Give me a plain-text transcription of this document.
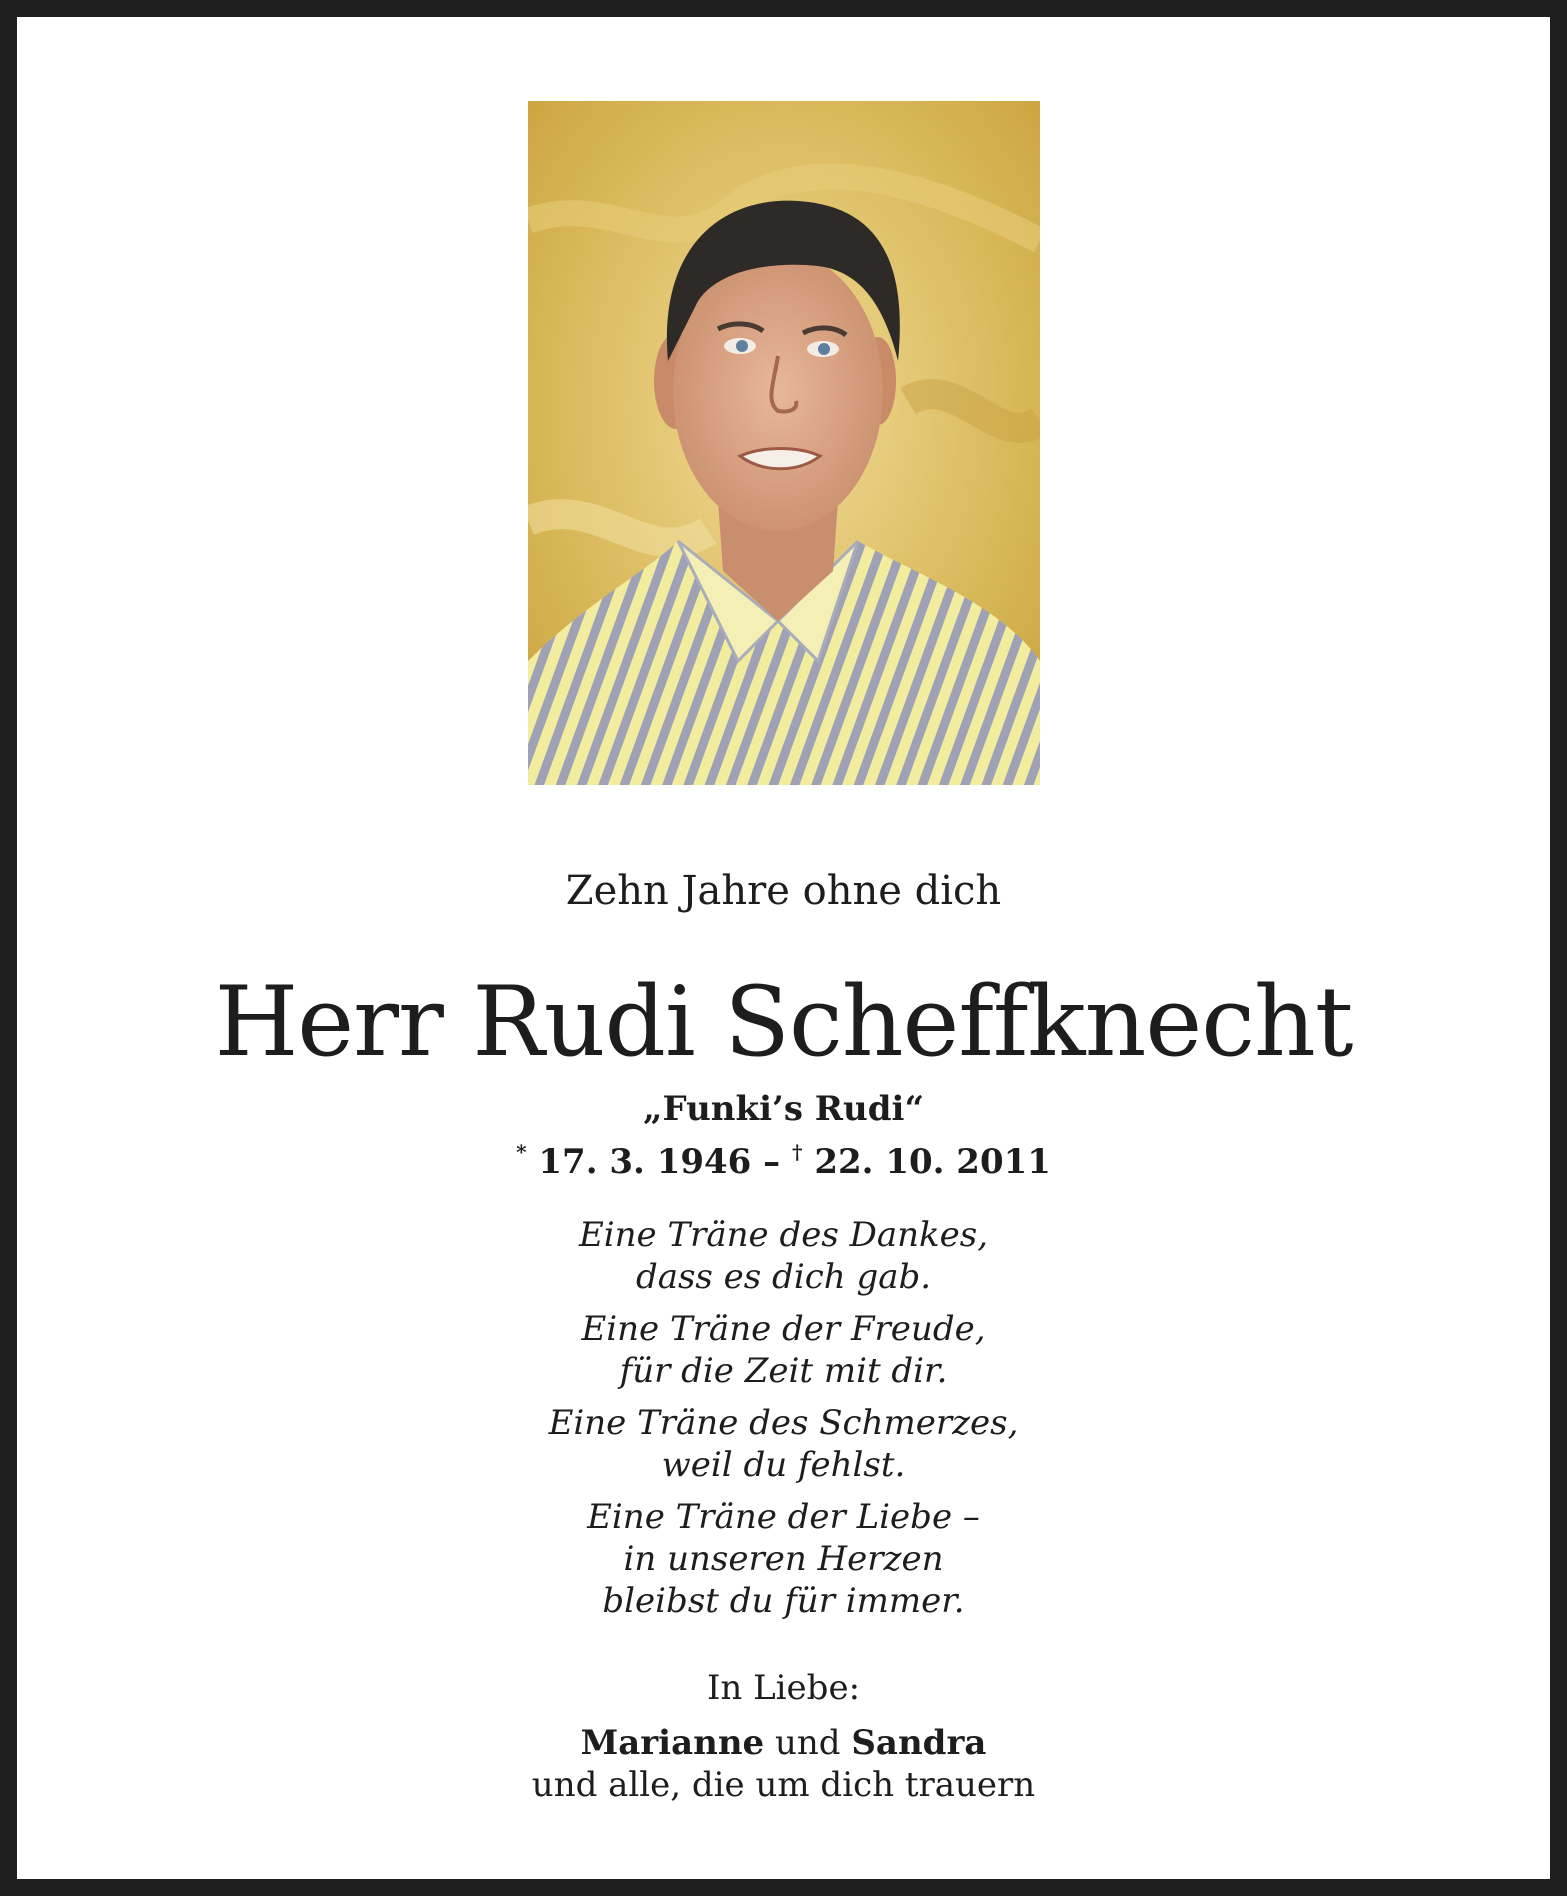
Zehn Jahre ohne dich
Herr Rudi Scheffknecht
„Funki’s Rudi“
* 17. 3. 1946 – † 22. 10. 2011
Eine Träne des Dankes,
dass es dich gab.
Eine Träne der Freude,
für die Zeit mit dir.
Eine Träne des Schmerzes,
weil du fehlst.
Eine Träne der Liebe –
in unseren Herzen
bleibst du für immer.
In Liebe:
Marianne und Sandra
und alle, die um dich trauern
